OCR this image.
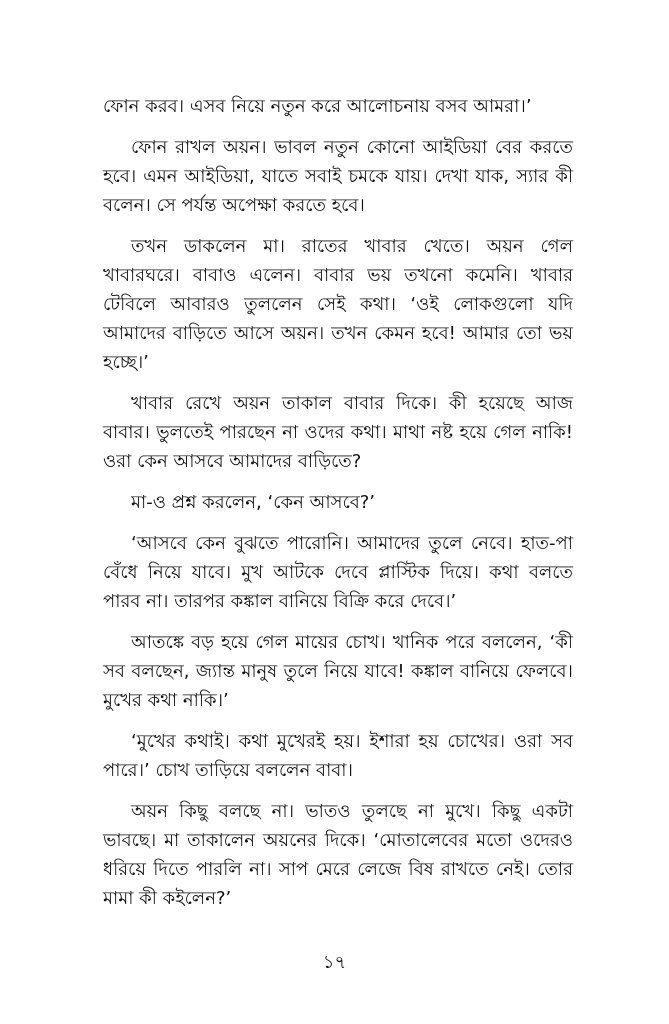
ফোন করব। এসব নিয়ে নতুন করে আলোচনায় বসব আমরা।’

ফোন রাখল অয়ন। ভাবল নতুন কোনো আইডিয়া বের করতে হবে। এমন আইডিয়া, যাতে সবাই চমকে যায়। দেখা যাক, স্যার কী বলেন। সে পর্যন্ত অপেক্ষা করতে হবে।

তখন ডাকলেন মা। রাতের খাবার খেতে। অয়ন গেল খাবারঘরে। বাবাও এলেন। বাবার ভয় তখনো কমেনি। খাবার টেবিলে আবারও তুললেন সেই কথা। ‘ওই লোকগুলো যদি আমাদের বাড়িতে আসে অয়ন। তখন কেমন হবে! আমার তো ভয় হচ্ছে।’

খাবার রেখে অয়ন তাকাল বাবার দিকে। কী হয়েছে আজ বাবার। ভুলতেই পারছেন না ওদের কথা। মাথা নষ্ট হয়ে গেল নাকি! ওরা কেন আসবে আমাদের বাড়িতে?

মা-ও প্রশ্ন করলেন, ‘কেন আসবে?’

‘আসবে কেন বুঝতে পারোনি। আমাদের তুলে নেবে। হাত-পা বেঁধে নিয়ে যাবে। মুখ আটকে দেবে প্লাস্টিক দিয়ে। কথা বলতে পারব না। তারপর কঙ্কাল বানিয়ে বিক্রি করে দেবে।’

আতঙ্কে বড় হয়ে গেল মায়ের চোখ। খানিক পরে বললেন, ‘কী সব বলছেন, জ্যান্ত মানুষ তুলে নিয়ে যাবে! কঙ্কাল বানিয়ে ফেলবে। মুখের কথা নাকি।’

‘মুখের কথাই। কথা মুখেরই হয়। ইশারা হয় চোখের। ওরা সব পারে।’ চোখ তাড়িয়ে বললেন বাবা।

অয়ন কিছু বলছে না। ভাতও তুলছে না মুখে। কিছু একটা ভাবছে। মা তাকালেন অয়নের দিকে। ‘মোতালেবের মতো ওদেরও ধরিয়ে দিতে পারলি না। সাপ মেরে লেজে বিষ রাখতে নেই। তোর মামা কী কইলেন?’

১৭
